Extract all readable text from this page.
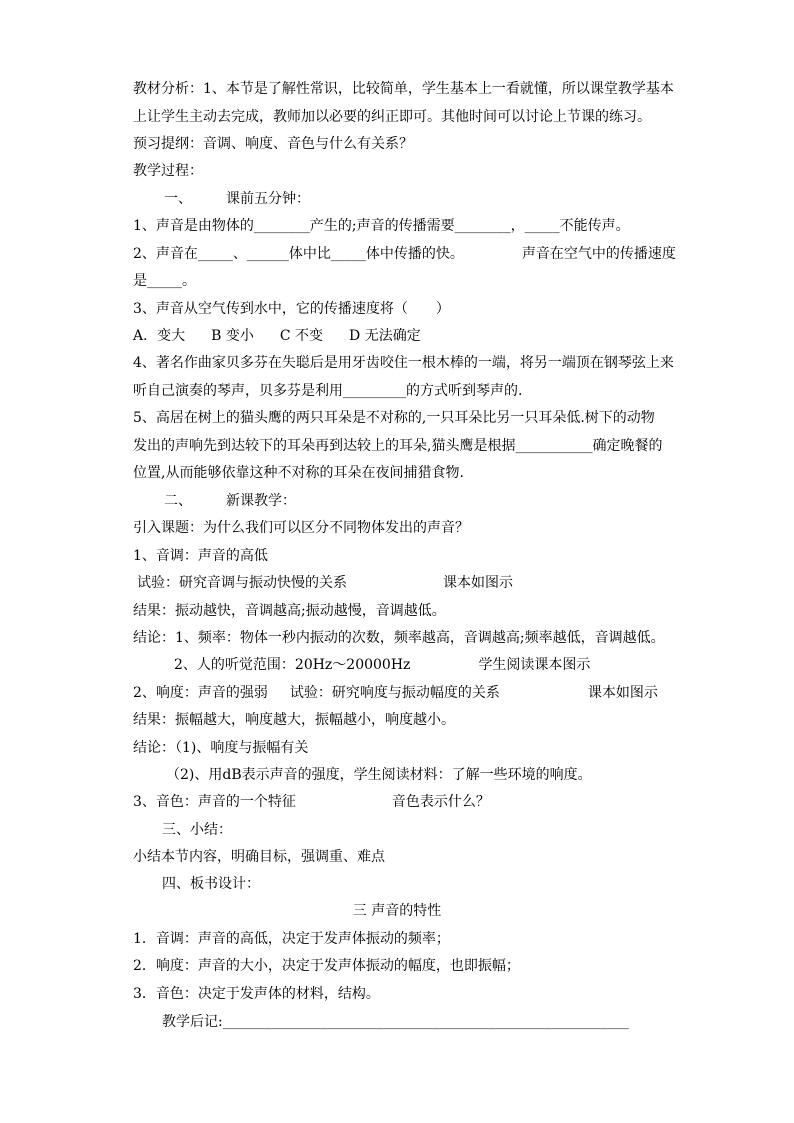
教材分析：1、本节是了解性常识，比较简单，学生基本上一看就懂，所以课堂教学基本
上让学生主动去完成，教师加以必要的纠正即可。其他时间可以讨论上节课的练习。
预习提纲：音调、响度、音色与什么有关系？
教学过程：
一、 课前五分钟：
1、声音是由物体的________产生的;声音的传播需要________，_____不能传声。
2、声音在_____、______体中比_____体中传播的快。	声音在空气中的传播速度
是_____。
3、声音从空气传到水中，它的传播速度将（　　）
A．变大 B 变小 C 不变 D 无法确定
4、著名作曲家贝多芬在失聪后是用牙齿咬住一根木棒的一端，将另一端顶在钢琴弦上来
听自己演奏的琴声，贝多芬是利用_________的方式听到琴声的.
5、高居在树上的猫头鹰的两只耳朵是不对称的,一只耳朵比另一只耳朵低.树下的动物
发出的声响先到达较下的耳朵再到达较上的耳朵,猫头鹰是根据___________确定晚餐的
位置,从而能够依靠这种不对称的耳朵在夜间捕猎食物.
二、 新课教学：
引入课题：为什么我们可以区分不同物体发出的声音？
1、音调：声音的高低
试验：研究音调与振动快慢的关系	课本如图示
结果：振动越快，音调越高;振动越慢，音调越低。
结论：1、频率：物体一秒内振动的次数，频率越高，音调越高;频率越低，音调越低。
2、人的听觉范围：20Hz～20000Hz	学生阅读课本图示
2、响度：声音的强弱 试验：研究响度与振动幅度的关系	课本如图示
结果：振幅越大，响度越大，振幅越小，响度越小。
结论：（1)、响度与振幅有关
（2)、用dB表示声音的强度，学生阅读材料：了解一些环境的响度。
3、音色：声音的一个特征	音色表示什么？
三、小结：
小结本节内容，明确目标，强调重、难点
四、板书设计：
三 声音的特性
1．音调：声音的高低，决定于发声体振动的频率；
2．响度：声音的大小，决定于发声体振动的幅度，也即振幅；
3．音色：决定于发声体的材料，结构。
教学后记:__________________________________________________________
